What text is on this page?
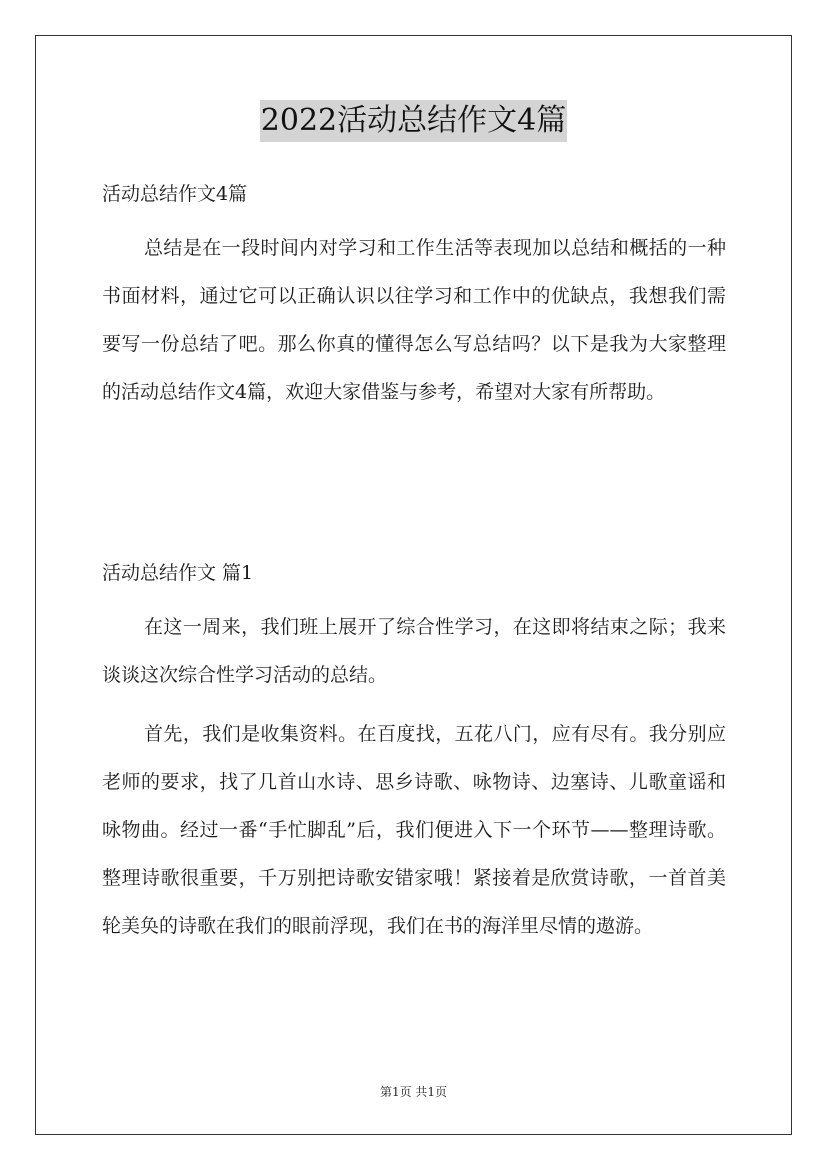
2022活动总结作文4篇

活动总结作文4篇

总结是在一段时间内对学习和工作生活等表现加以总结和概括的一种书面材料，通过它可以正确认识以往学习和工作中的优缺点，我想我们需要写一份总结了吧。那么你真的懂得怎么写总结吗？以下是我为大家整理的活动总结作文4篇，欢迎大家借鉴与参考，希望对大家有所帮助。

活动总结作文 篇1

在这一周来，我们班上展开了综合性学习，在这即将结束之际；我来谈谈这次综合性学习活动的总结。

首先，我们是收集资料。在百度找，五花八门，应有尽有。我分别应老师的要求，找了几首山水诗、思乡诗歌、咏物诗、边塞诗、儿歌童谣和咏物曲。经过一番“手忙脚乱”后，我们便进入下一个环节——整理诗歌。整理诗歌很重要，千万别把诗歌安错家哦！紧接着是欣赏诗歌，一首首美轮美奂的诗歌在我们的眼前浮现，我们在书的海洋里尽情的遨游。

第1页 共1页
